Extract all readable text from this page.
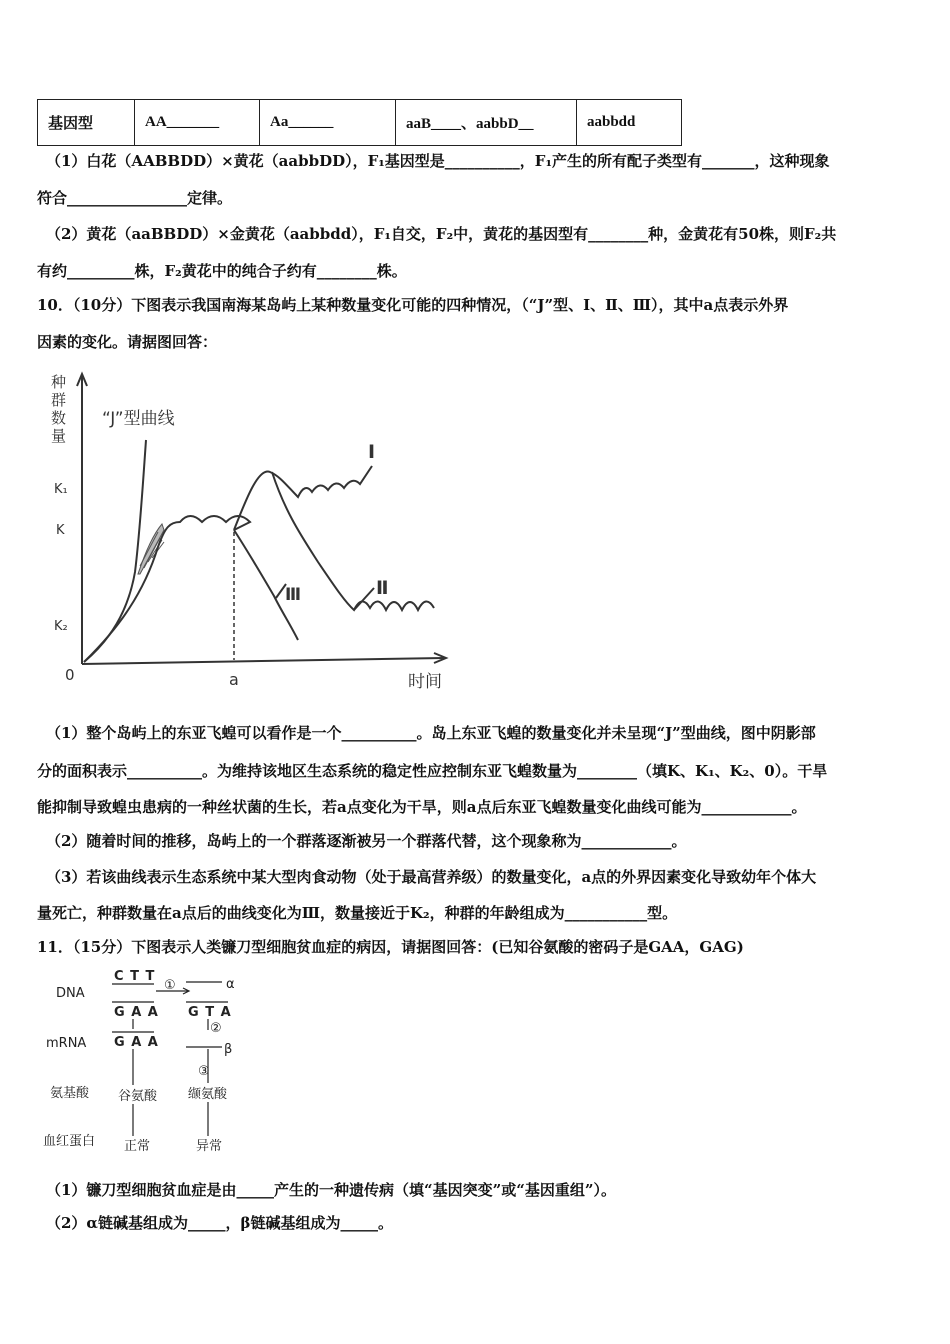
基因型	AA_______	Aa______	aaB____、aabbD__	aabbdd
（1）白花（AABBDD）×黄花（aabbDD），F₁基因型是__________，F₁产生的所有配子类型有_______，这种现象
符合________________定律。
（2）黄花（aaBBDD）×金黄花（aabbdd），F₁自交，F₂中，黄花的基因型有________种，金黄花有50株，则F₂共
有约_________株，F₂黄花中的纯合子约有________株。
10．（10分）下图表示我国南海某岛屿上某种数量变化可能的四种情况，（“J”型、Ⅰ、Ⅱ、Ⅲ），其中a点表示外界
因素的变化。请据图回答：
种群数量 “J”型曲线
K₁
K
K₂
0	a	时间
Ⅰ
Ⅱ
Ⅲ
（1）整个岛屿上的东亚飞蝗可以看作是一个__________。岛上东亚飞蝗的数量变化并未呈现“J”型曲线，图中阴影部
分的面积表示__________。为维持该地区生态系统的稳定性应控制东亚飞蝗数量为________（填K、K₁、K₂、0）。干旱
能抑制导致蝗虫患病的一种丝状菌的生长，若a点变化为干旱，则a点后东亚飞蝗数量变化曲线可能为____________。
（2）随着时间的推移，岛屿上的一个群落逐渐被另一个群落代替，这个现象称为____________。
（3）若该曲线表示生态系统中某大型肉食动物（处于最高营养级）的数量变化，a点的外界因素变化导致幼年个体大
量死亡，种群数量在a点后的曲线变化为Ⅲ，数量接近于K₂，种群的年龄组成为___________型。
11．（15分）下图表示人类镰刀型细胞贫血症的病因，请据图回答：(已知谷氨酸的密码子是GAA，GAG)
DNA
mRNA
氨基酸
血红蛋白
C T T
G A A
G A A
G T A
①
②
③
α
β
谷氨酸 缬氨酸
正常	异常
（1）镰刀型细胞贫血症是由_____产生的一种遗传病（填“基因突变”或“基因重组”）。
（2）α链碱基组成为_____，β链碱基组成为_____。
